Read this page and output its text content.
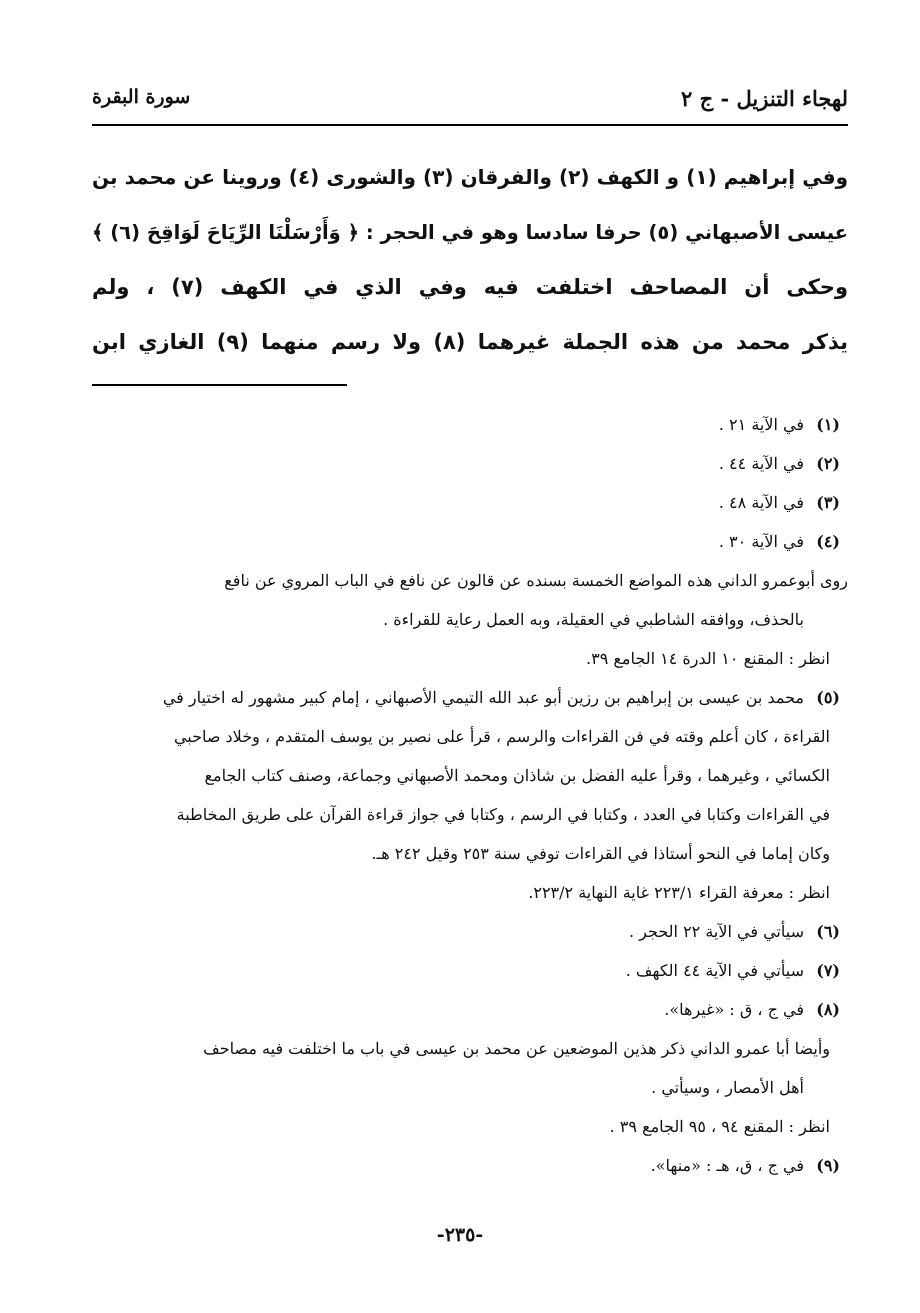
لهجاء التنزيل - ج ٢
سورة البقرة
وفي إبراهيم (١) و الكهف (٢) والفرقان (٣) والشورى (٤) وروينا عن محمد بن
عيسى الأصبهاني (٥) حرفا سادسا وهو في الحجر : ﴿ وَأَرْسَلْنَا الرِّيَاحَ لَوَاقِحَ (٦) ﴾
وحكى أن المصاحف اختلفت فيه وفي الذي في الكهف (٧) ، ولم
يذكر محمد من هذه الجملة غيرهما (٨) ولا رسم منهما (٩) الغازي ابن
(١)في الآية ٢١ .
(٢)في الآية ٤٤ .
(٣)في الآية ٤٨ .
(٤)في الآية ٣٠ .
روى أبوعمرو الداني هذه المواضع الخمسة بسنده عن قالون عن نافع في الباب المروي عن نافع
بالحذف، ووافقه الشاطبي في العقيلة، وبه العمل رعاية للقراءة .
انظر : المقنع ١٠ الدرة ١٤ الجامع ٣٩.
(٥)محمد بن عيسى بن إبراهيم بن رزين أبو عبد الله التيمي الأصبهاني ، إمام كبير مشهور له اختيار في
القراءة ، كان أعلم وقته في فن القراءات والرسم ، قرأ على نصير بن يوسف المتقدم ، وخلاد صاحبي
الكسائي ، وغيرهما ، وقرأ عليه الفضل بن شاذان ومحمد الأصبهاني وجماعة، وصنف كتاب الجامع
في القراءات وكتابا في العدد ، وكتابا في الرسم ، وكتابا في جواز قراءة القرآن على طريق المخاطبة
وكان إماما في النحو أستاذا في القراءات توفي سنة ٢٥٣ وقيل ٢٤٢ هـ.
انظر : معرفة القراء ٢٢٣/١ غاية النهاية ٢٢٣/٢.
(٦)سيأتي في الآية ٢٢ الحجر .
(٧)سيأتي في الآية ٤٤ الكهف .
(٨)في ج ، ق : «غيرها».
وأيضا أبا عمرو الداني ذكر هذين الموضعين عن محمد بن عيسى في باب ما اختلفت فيه مصاحف
أهل الأمصار ، وسيأتي .
انظر : المقنع ٩٤ ، ٩٥ الجامع ٣٩ .
(٩)في ج ، ق، هـ : «منها».
-٢٣٥-
